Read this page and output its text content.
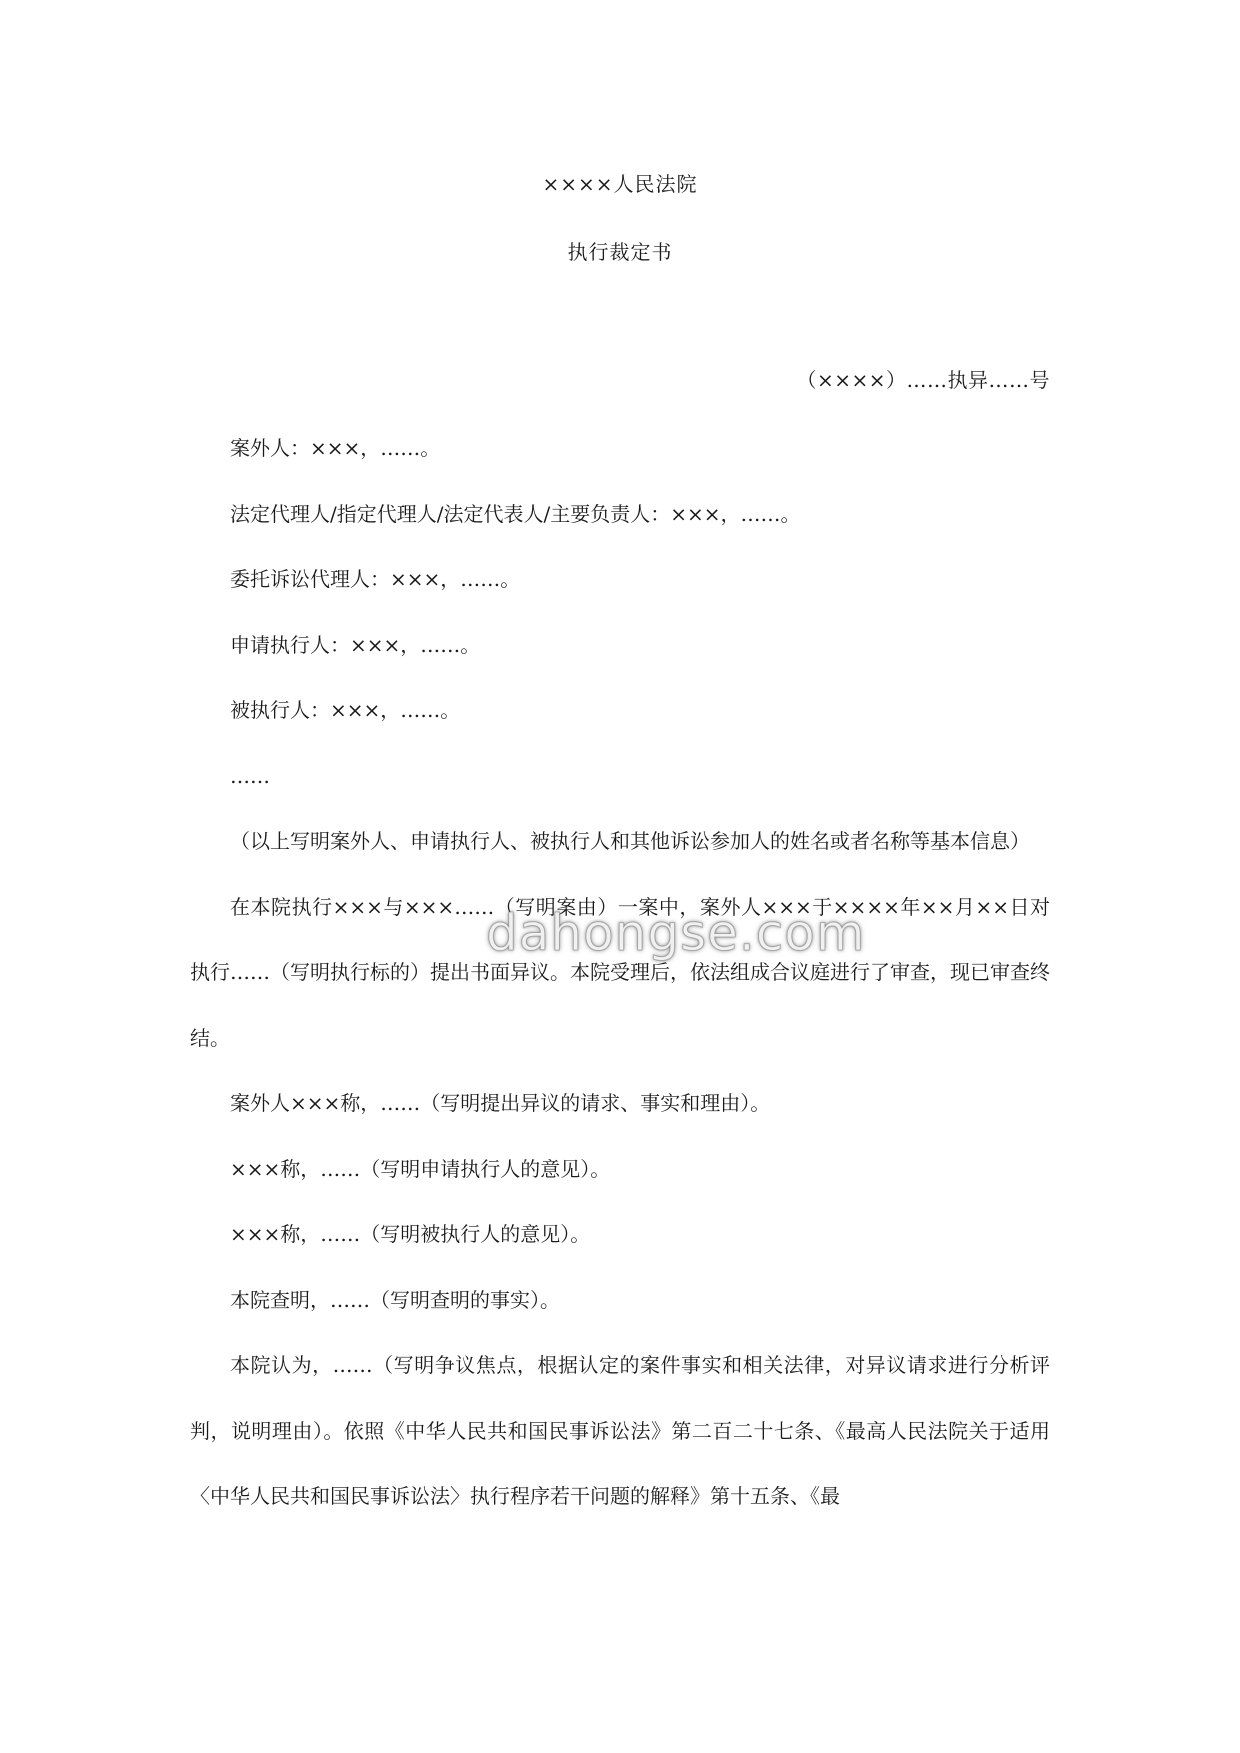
××××人民法院
执行裁定书
（××××）……执异……号

案外人：×××，……。

法定代理人/指定代理人/法定代表人/主要负责人：×××，……。

委托诉讼代理人：×××，……。

申请执行人：×××，……。

被执行人：×××，……。

……

（以上写明案外人、申请执行人、被执行人和其他诉讼参加人的姓名或者名称等基本信息）

在本院执行×××与×××……（写明案由）一案中，案外人×××于××××年××月××日对执行……（写明执行标的）提出书面异议。本院受理后，依法组成合议庭进行了审查，现已审查终结。

案外人×××称，……（写明提出异议的请求、事实和理由）。

×××称，……（写明申请执行人的意见）。

×××称，……（写明被执行人的意见）。

本院查明，……（写明查明的事实）。

本院认为，……（写明争议焦点，根据认定的案件事实和相关法律，对异议请求进行分析评判，说明理由）。依照《中华人民共和国民事诉讼法》第二百二十七条、《最高人民法院关于适用〈中华人民共和国民事诉讼法〉执行程序若干问题的解释》第十五条、《最

dahongse.com
